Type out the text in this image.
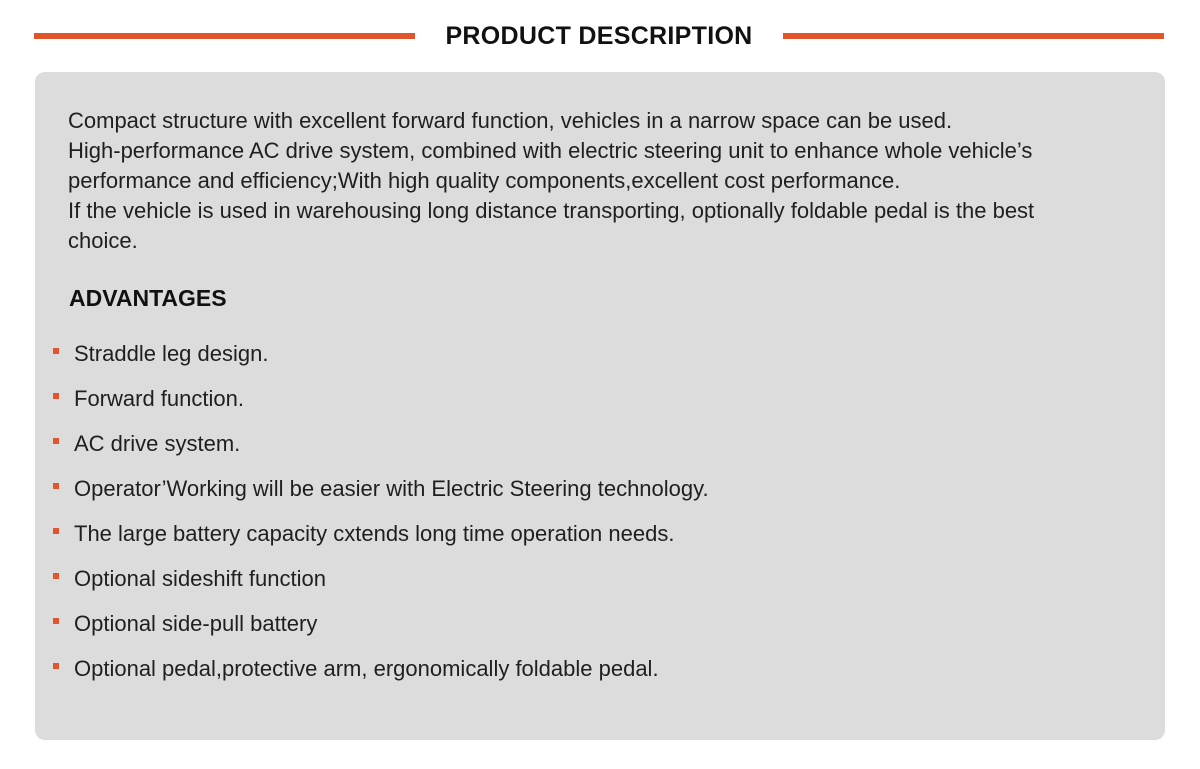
PRODUCT DESCRIPTION

Compact structure with excellent forward function, vehicles in a narrow space can be used.

High-performance AC drive system, combined with electric steering unit to enhance whole vehicle’s performance and efficiency;With high quality components,excellent cost performance.

If the vehicle is used in warehousing long distance transporting, optionally foldable pedal is the best choice.

ADVANTAGES
Straddle leg design.
Forward function.
AC drive system.
Operator’Working will be easier with Electric Steering technology.
The large battery capacity cxtends long time operation needs.
Optional sideshift function
Optional side-pull battery
Optional pedal,protective arm, ergonomically foldable pedal.
